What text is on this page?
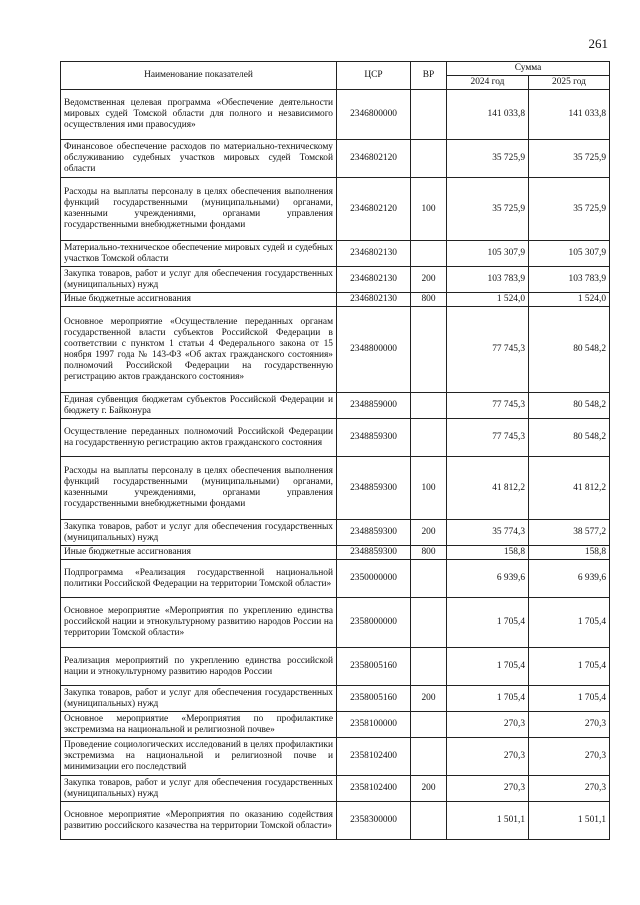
261
Наименование показателей	ЦСР	ВР	Сумма	
			2024 год	2025 год
Ведомственная целевая программа «Обеспечение деятельности мировых судей Томской области для полного и независимого осуществления ими правосудия»	2346800000		141 033,8	141 033,8
Финансовое обеспечение расходов по материально-техническому обслуживанию судебных участков мировых судей Томской области	2346802120		35 725,9	35 725,9
Расходы на выплаты персоналу в целях обеспечения выполнения функций государственными (муниципальными) органами, казенными учреждениями, органами управления государственными внебюджетными фондами	2346802120	100	35 725,9	35 725,9
Материально-техническое обеспечение мировых судей и судебных участков Томской области	2346802130		105 307,9	105 307,9
Закупка товаров, работ и услуг для обеспечения государственных (муниципальных) нужд	2346802130	200	103 783,9	103 783,9
Иные бюджетные ассигнования	2346802130	800	1 524,0	1 524,0
Основное мероприятие «Осуществление переданных органам государственной власти субъектов Российской Федерации в соответствии с пунктом 1 статьи 4 Федерального закона от 15 ноября 1997 года № 143-ФЗ «Об актах гражданского состояния» полномочий Российской Федерации на государственную регистрацию актов гражданского состояния»	2348800000		77 745,3	80 548,2
Единая субвенция бюджетам субъектов Российской Федерации и бюджету г. Байконура	2348859000		77 745,3	80 548,2
Осуществление переданных полномочий Российской Федерации на государственную регистрацию актов гражданского состояния	2348859300		77 745,3	80 548,2
Расходы на выплаты персоналу в целях обеспечения выполнения функций государственными (муниципальными) органами, казенными учреждениями, органами управления государственными внебюджетными фондами	2348859300	100	41 812,2	41 812,2
Закупка товаров, работ и услуг для обеспечения государственных (муниципальных) нужд	2348859300	200	35 774,3	38 577,2
Иные бюджетные ассигнования	2348859300	800	158,8	158,8
Подпрограмма «Реализация государственной национальной политики Российской Федерации на территории Томской области»	2350000000		6 939,6	6 939,6
Основное мероприятие «Мероприятия по укреплению единства российской нации и этнокультурному развитию народов России на территории Томской области»	2358000000		1 705,4	1 705,4
Реализация мероприятий по укреплению единства российской нации и этнокультурному развитию народов России	2358005160		1 705,4	1 705,4
Закупка товаров, работ и услуг для обеспечения государственных (муниципальных) нужд	2358005160	200	1 705,4	1 705,4
Основное мероприятие «Мероприятия по профилактике экстремизма на национальной и религиозной почве»	2358100000		270,3	270,3
Проведение социологических исследований в целях профилактики экстремизма на национальной и религиозной почве и минимизации его последствий	2358102400		270,3	270,3
Закупка товаров, работ и услуг для обеспечения государственных (муниципальных) нужд	2358102400	200	270,3	270,3
Основное мероприятие «Мероприятия по оказанию содействия развитию российского казачества на территории Томской области»	2358300000		1 501,1	1 501,1
